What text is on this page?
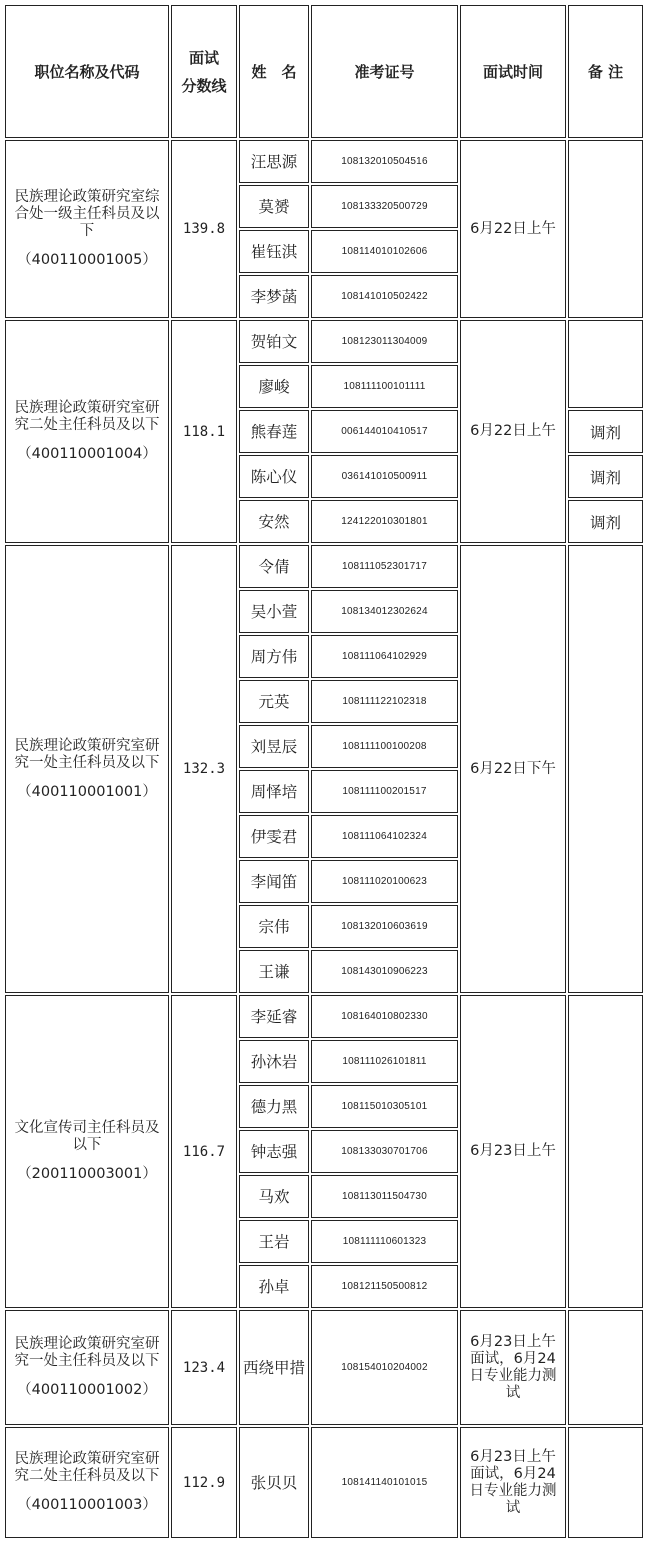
职位名称及代码
面试
分数线
姓　名	准考证号	面试时间	备 注
民族理论政策研究室综合处一级主任科员及以下
（400110001005）
139.8	6月22日上午
汪思源	108132010504516
莫赟	108133320500729
崔钰淇	108114010102606
李梦菡	108141010502422
民族理论政策研究室研究二处主任科员及以下
（400110001004）
118.1	6月22日上午
贺铂文	108123011304009
廖峻	108111100101111
熊春莲	006144010410517	调剂
陈心仪	036141010500911	调剂
安然	124122010301801	调剂
民族理论政策研究室研究一处主任科员及以下
（400110001001）
132.3	6月22日下午
令倩	108111052301717
吴小萱	108134012302624
周方伟	108111064102929
元英	108111122102318
刘昱辰	108111100100208
周怿培	108111100201517
伊雯君	108111064102324
李闻笛	108111020100623
宗伟	108132010603619
王谦	108143010906223
文化宣传司主任科员及以下
（200110003001）
116.7	6月23日上午
李延睿	108164010802330
孙沐岩	108111026101811
德力黑	108115010305101
钟志强	108133030701706
马欢	108113011504730
王岩	108111110601323
孙卓	108121150500812
民族理论政策研究室研究一处主任科员及以下
（400110001002）
123.4
6月23日上午面试，6月24日专业能力测试
西绕甲措	108154010204002
民族理论政策研究室研究二处主任科员及以下
（400110001003）
112.9
6月23日上午面试，6月24日专业能力测试
张贝贝	108141140101015
